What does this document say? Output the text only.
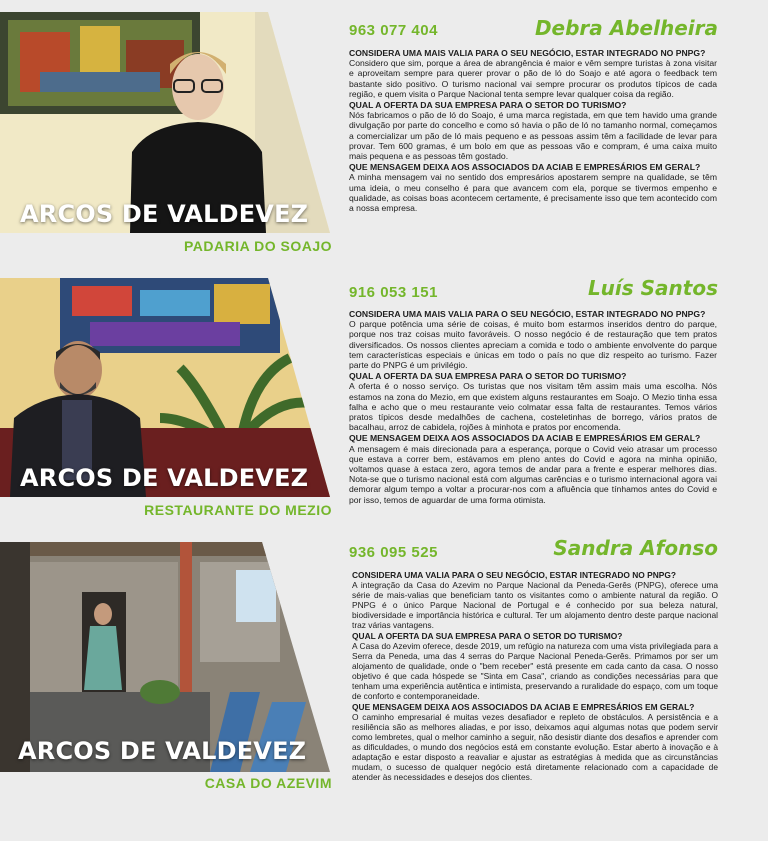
ARCOS DE VALDEVEZ
PADARIA DO SOAJO
963 077 404	Debra Abelheira

CONSIDERA UMA MAIS VALIA PARA O SEU NEGÓCIO, ESTAR INTEGRADO NO PNPG?

Considero que sim, porque a área de abrangência é maior e vêm sempre turistas à zona visitar e aproveitam sempre para querer provar o pão de ló do Soajo e até agora o feedback tem bastante sido positivo. O turismo nacional vai sempre procurar os produtos típicos de cada região, e quem visita o Parque Nacional tenta sempre levar qualquer coisa da região.

QUAL A OFERTA DA SUA EMPRESA PARA O SETOR DO TURISMO?

Nós fabricamos o pão de ló do Soajo, é uma marca registada, em que tem havido uma grande divulgação por parte do concelho e como só havia o pão de ló no tamanho normal, começamos a comercializar um pão de ló mais pequeno e as pessoas assim têm a facilidade de levar para provar. Tem 600 gramas, é um bolo em que as pessoas vão e compram, é uma caixa muito mais pequena e as pessoas têm gostado.

QUE MENSAGEM DEIXA AOS ASSOCIADOS DA ACIAB E EMPRESÁRIOS EM GERAL?

A minha mensagem vai no sentido dos empresários apostarem sempre na qualidade, se têm uma ideia, o meu conselho é para que avancem com ela, porque se tivermos empenho e qualidade, as coisas boas acontecem certamente, é precisamente isso que tem acontecido com a nossa empresa.

ARCOS DE VALDEVEZ
RESTAURANTE DO MEZIO
916 053 151	Luís Santos

CONSIDERA UMA MAIS VALIA PARA O SEU NEGÓCIO, ESTAR INTEGRADO NO PNPG?

O parque potência uma série de coisas, é muito bom estarmos inseridos dentro do parque, porque nos traz coisas muito favoráveis. O nosso negócio é de restauração que tem pratos diversificados. Os nossos clientes apreciam a comida e todo o ambiente envolvente do parque tem características especiais e únicas em todo o país no que diz respeito ao turismo. Fazer parte do PNPG é um privilégio.

QUAL A OFERTA DA SUA EMPRESA PARA O SETOR DO TURISMO?

A oferta é o nosso serviço. Os turistas que nos visitam têm assim mais uma escolha. Nós estamos na zona do Mezio, em que existem alguns restaurantes em Soajo. O Mezio tinha essa falha e acho que o meu restaurante veio colmatar essa falta de restaurantes. Temos vários pratos típicos desde medalhões de cachena, costeletinhas de borrego, vários pratos de bacalhau, arroz de cabidela, rojões à minhota e pratos por encomenda.

QUE MENSAGEM DEIXA AOS ASSOCIADOS DA ACIAB E EMPRESÁRIOS EM GERAL?

A mensagem é mais direcionada para a esperança, porque o Covid veio atrasar um processo que estava a correr bem, estávamos em pleno antes do Covid e agora na minha opinião, voltamos quase à estaca zero, agora temos de andar para a frente e esperar melhores dias. Nota-se que o turismo nacional está com algumas carências e o turismo internacional agora vai demorar algum tempo a voltar a procurar-nos com a afluência que tínhamos antes do Covid e por isso, temos de aguardar de uma forma otimista.

ARCOS DE VALDEVEZ
CASA DO AZEVIM
936 095 525	Sandra Afonso

CONSIDERA UMA VALIA PARA O SEU NEGÓCIO, ESTAR INTEGRADO NO PNPG?

A integração da Casa do Azevim no Parque Nacional da Peneda-Gerês (PNPG), oferece uma série de mais-valias que beneficiam tanto os visitantes como o ambiente natural da região. O PNPG é o único Parque Nacional de Portugal e é conhecido por sua beleza natural, biodiversidade e importância histórica e cultural. Ter um alojamento dentro deste parque nacional traz várias vantagens.

QUAL A OFERTA DA SUA EMPRESA PARA O SETOR DO TURISMO?

A Casa do Azevim oferece, desde 2019, um refúgio na natureza com uma vista privilegiada para a Serra da Peneda, uma das 4 serras do Parque Nacional Peneda-Gerês. Primamos por ser um alojamento de qualidade, onde o "bem receber" está presente em cada canto da casa. O nosso objetivo é que cada hóspede se "Sinta em Casa", criando as condições necessárias para que tenham uma experiência autêntica e intimista, preservando a ruralidade do espaço, com um toque de conforto e contemporaneidade.

QUE MENSAGEM DEIXA AOS ASSOCIADOS DA ACIAB E EMPRESÁRIOS EM GERAL?

O caminho empresarial é muitas vezes desafiador e repleto de obstáculos. A persistência e a resiliência são as melhores aliadas, e por isso, deixamos aqui algumas notas que podem servir como lembretes, qual o melhor caminho a seguir, não desistir diante dos desafios e aprender com as dificuldades, o mundo dos negócios está em constante evolução. Estar aberto à inovação e à adaptação e estar disposto a reavaliar e ajustar as estratégias à medida que as circunstâncias mudam, o sucesso de qualquer negócio está diretamente relacionado com a capacidade de atender às necessidades e desejos dos clientes.
